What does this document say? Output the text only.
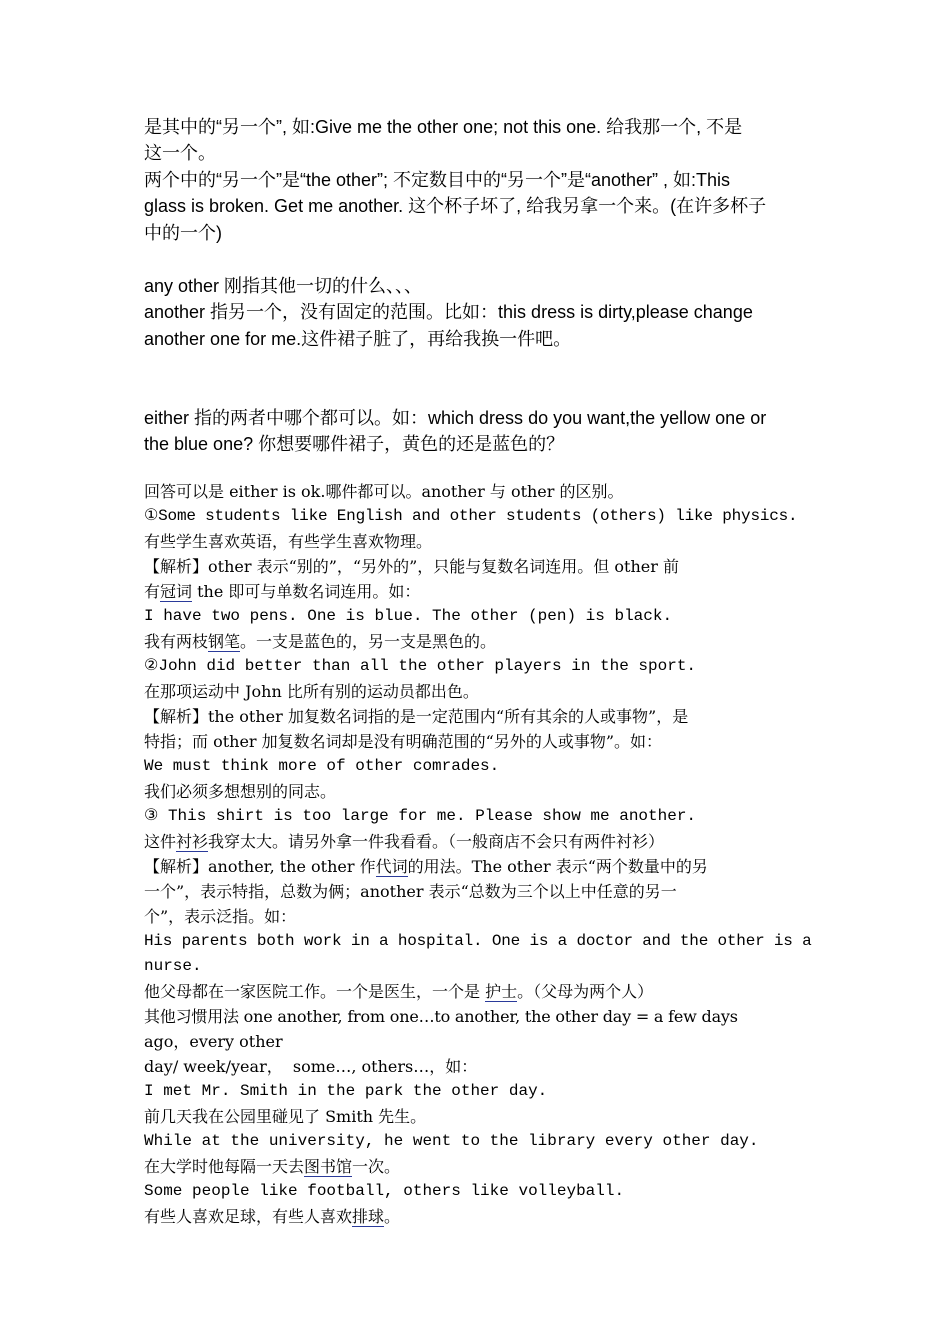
是其中的“另一个”, 如:Give me the other one; not this one. 给我那一个, 不是
这一个。
两个中的“另一个”是“the other”; 不定数目中的“另一个”是“another” , 如:This
glass is broken. Get me another. 这个杯子坏了, 给我另拿一个来。(在许多杯子
中的一个)
any other 刚指其他一切的什么、、、
another 指另一个，没有固定的范围。比如：this dress is dirty,please change
another one for me.这件裙子脏了，再给我换一件吧。
either 指的两者中哪个都可以。如：which dress do you want,the yellow one or
the blue one? 你想要哪件裙子，黄色的还是蓝色的？
回答可以是 either is ok.哪件都可以。another 与 other 的区别。
①Some students like English and other students (others) like physics.
有些学生喜欢英语，有些学生喜欢物理。
【解析】other 表示“别的”，“另外的”，只能与复数名词连用。但 other 前
有冠词 the 即可与单数名词连用。如：
I have two pens. One is blue. The other (pen) is black.
我有两枝钢笔。一支是蓝色的，另一支是黑色的。
②John did better than all the other players in the sport.
在那项运动中 John 比所有别的运动员都出色。
【解析】the other 加复数名词指的是一定范围内“所有其余的人或事物”，是
特指；而 other 加复数名词却是没有明确范围的“另外的人或事物”。如：
We must think more of other comrades.
我们必须多想想别的同志。
③ This shirt is too large for me. Please show me another.
这件衬衫我穿太大。请另外拿一件我看看。（一般商店不会只有两件衬衫）
【解析】another, the other 作代词的用法。The other 表示“两个数量中的另
一个”，表示特指，总数为俩；another 表示“总数为三个以上中任意的另一
个”，表示泛指。如：
His parents both work in a hospital. One is a doctor and the other is a
nurse.
他父母都在一家医院工作。一个是医生，一个是 护士。（父母为两个人）
其他习惯用法 one another, from one…to another, the other day = a few days
ago，every other
day/ week/year，  some…, others…，如：
I met Mr. Smith in the park the other day.
前几天我在公园里碰见了 Smith 先生。
While at the university, he went to the library every other day.
在大学时他每隔一天去图书馆一次。
Some people like football, others like volleyball.
有些人喜欢足球，有些人喜欢排球。
